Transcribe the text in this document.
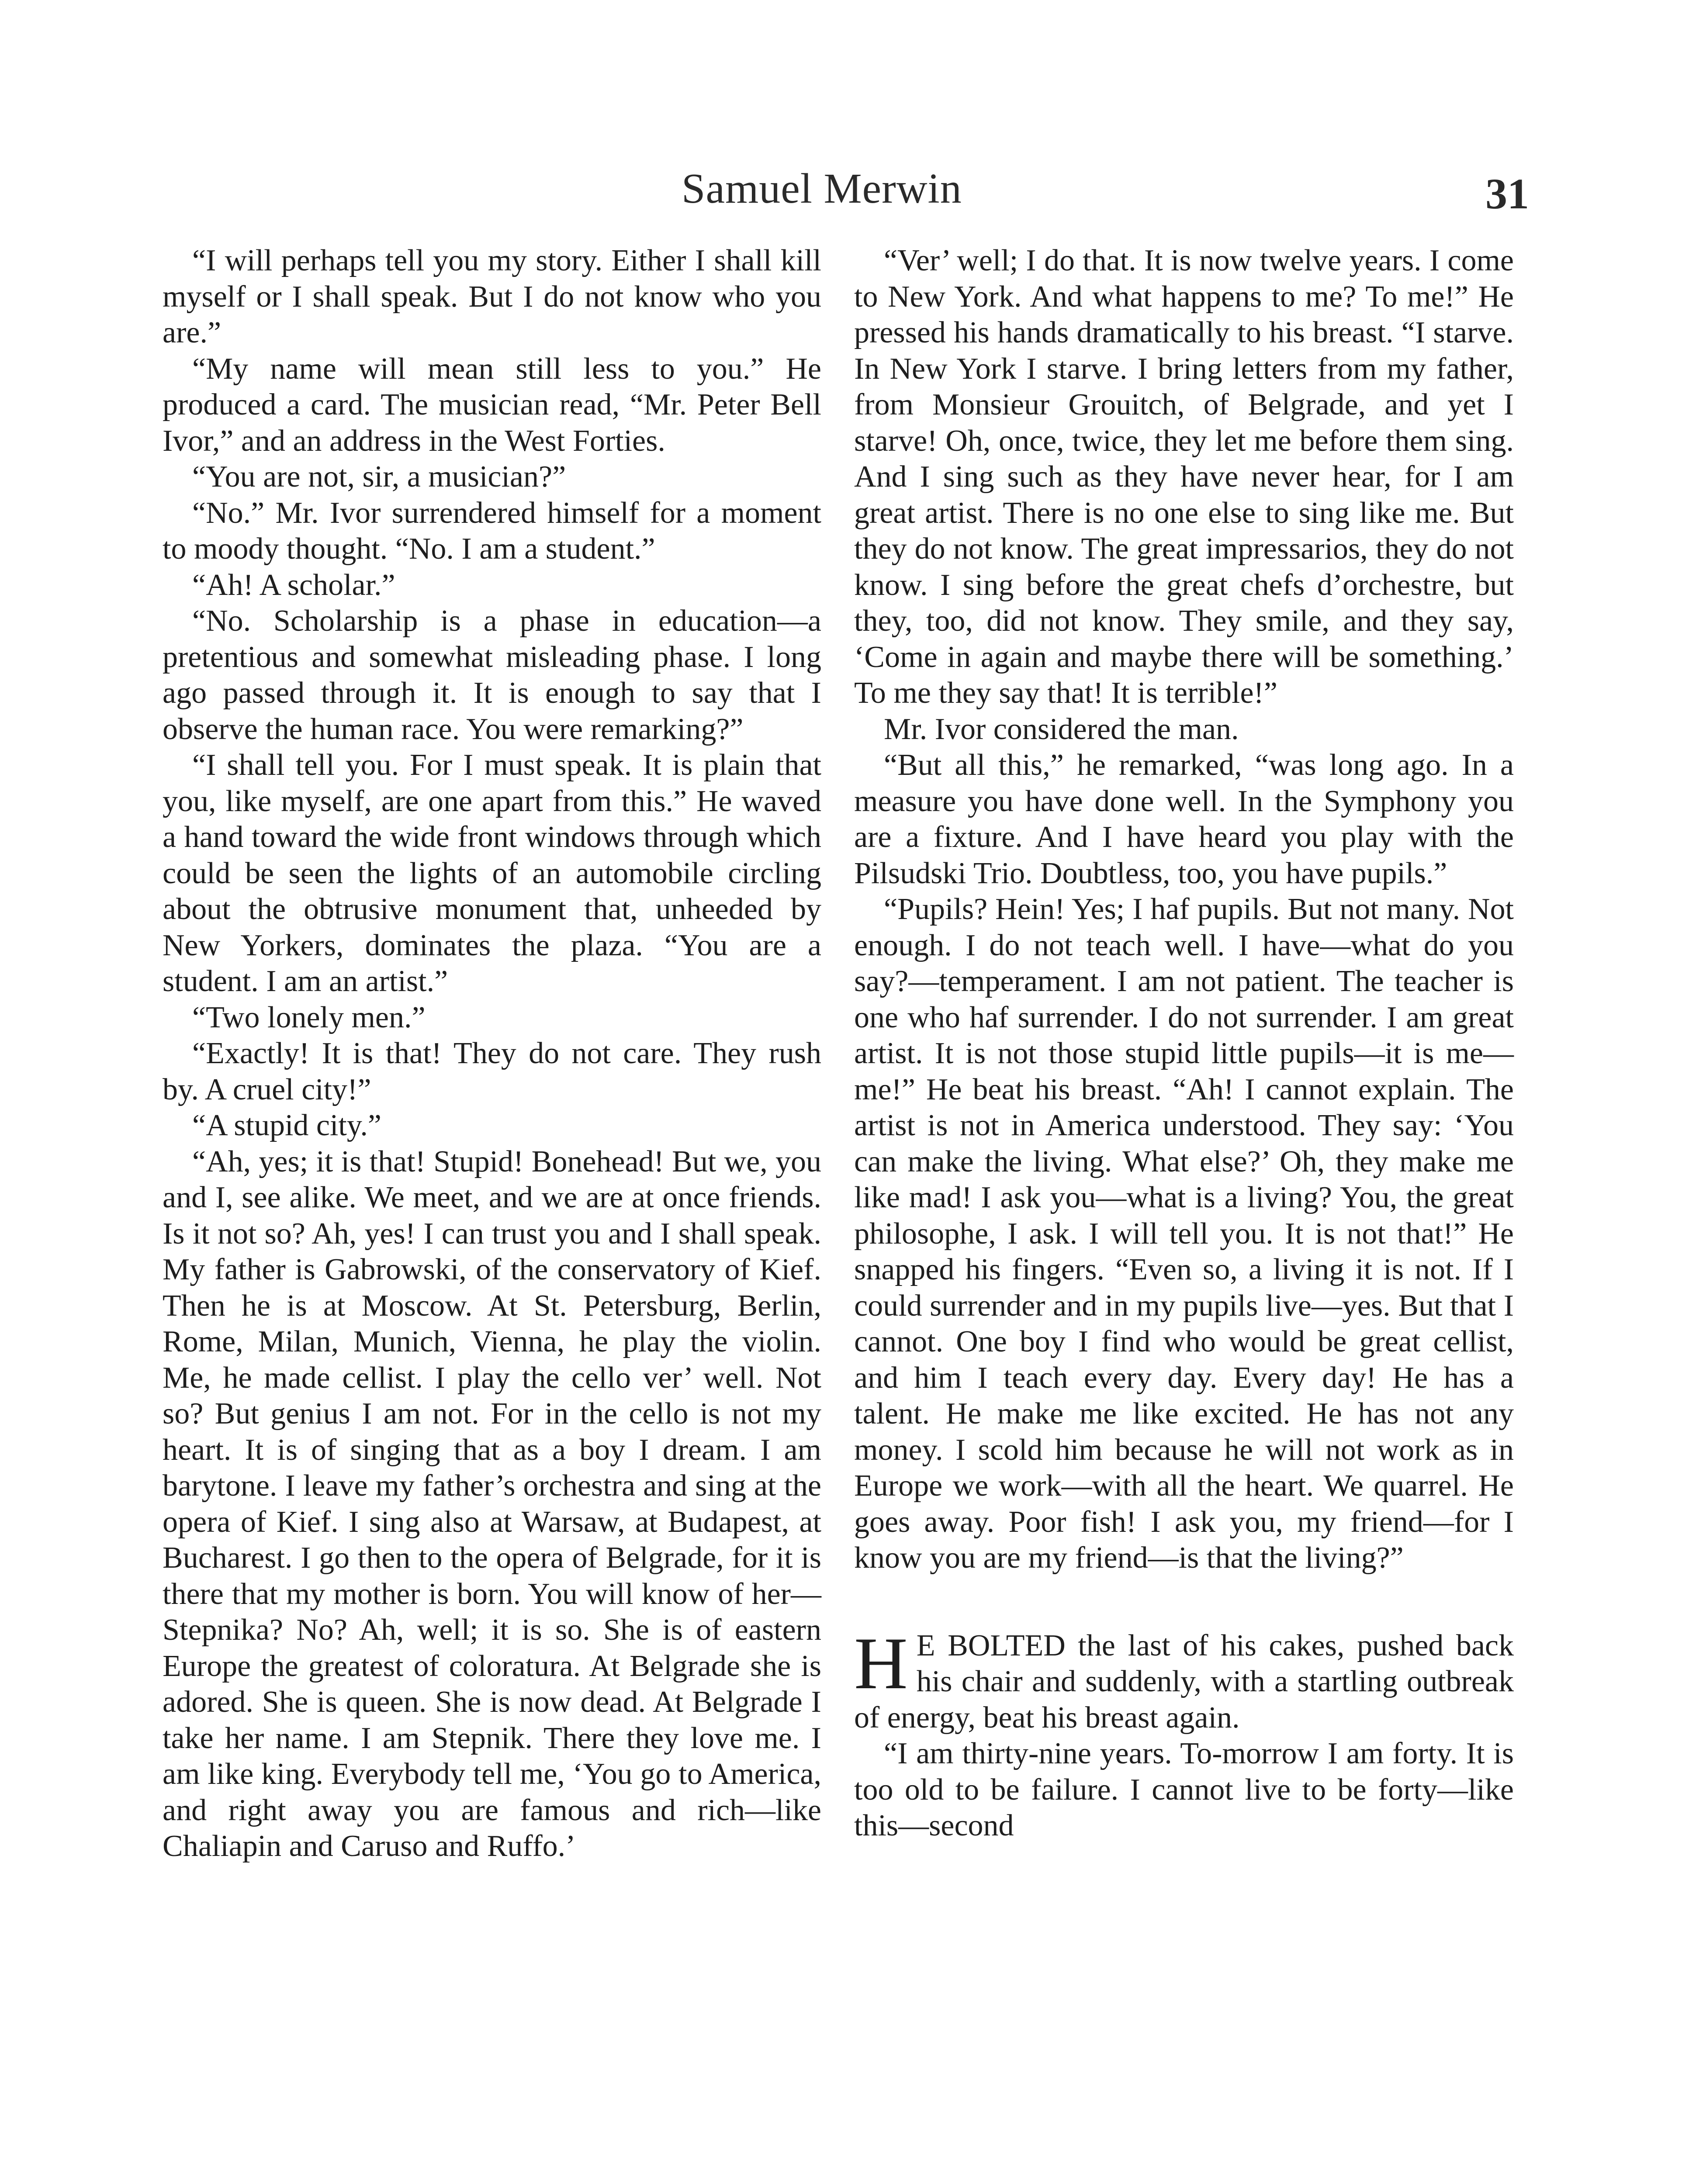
Samuel Merwin	31

“I will perhaps tell you my story. Either I shall kill myself or I shall speak. But I do not know who you are.”

“My name will mean still less to you.” He produced a card. The musician read, “Mr. Peter Bell Ivor,” and an address in the West Forties.

“You are not, sir, a musician?”

“No.” Mr. Ivor surrendered himself for a moment to moody thought. “No. I am a student.”

“Ah! A scholar.”

“No. Scholarship is a phase in education—a pretentious and somewhat misleading phase. I long ago passed through it. It is enough to say that I observe the human race. You were remarking?”

“I shall tell you. For I must speak. It is plain that you, like myself, are one apart from this.” He waved a hand toward the wide front windows through which could be seen the lights of an automobile circling about the obtrusive monument that, unheeded by New Yorkers, dominates the plaza. “You are a student. I am an artist.”

“Two lonely men.”

“Exactly! It is that! They do not care. They rush by. A cruel city!”

“A stupid city.”

“Ah, yes; it is that! Stupid! Bonehead! But we, you and I, see alike. We meet, and we are at once friends. Is it not so? Ah, yes! I can trust you and I shall speak. My father is Gabrowski, of the conservatory of Kief. Then he is at Moscow. At St. Petersburg, Berlin, Rome, Milan, Munich, Vienna, he play the violin. Me, he made cellist. I play the cello ver’ well. Not so? But genius I am not. For in the cello is not my heart. It is of singing that as a boy I dream. I am barytone. I leave my father’s orchestra and sing at the opera of Kief. I sing also at Warsaw, at Budapest, at Bucharest. I go then to the opera of Belgrade, for it is there that my mother is born. You will know of her—Stepnika? No? Ah, well; it is so. She is of eastern Europe the greatest of coloratura. At Belgrade she is adored. She is queen. She is now dead. At Belgrade I take her name. I am Stepnik. There they love me. I am like king. Everybody tell me, ‘You go to America, and right away you are famous and rich—like Chaliapin and Caruso and Ruffo.’

“Ver’ well; I do that. It is now twelve years. I come to New York. And what happens to me? To me!” He pressed his hands dramatically to his breast. “I starve. In New York I starve. I bring letters from my father, from Monsieur Grouitch, of Belgrade, and yet I starve! Oh, once, twice, they let me before them sing. And I sing such as they have never hear, for I am great artist. There is no one else to sing like me. But they do not know. The great impressarios, they do not know. I sing before the great chefs d’orchestre, but they, too, did not know. They smile, and they say, ‘Come in again and maybe there will be something.’ To me they say that! It is terrible!”

Mr. Ivor considered the man.

“But all this,” he remarked, “was long ago. In a measure you have done well. In the Symphony you are a fixture. And I have heard you play with the Pilsudski Trio. Doubtless, too, you have pupils.”

“Pupils? Hein! Yes; I haf pupils. But not many. Not enough. I do not teach well. I have—what do you say?—temperament. I am not patient. The teacher is one who haf surrender. I do not surrender. I am great artist. It is not those stupid little pupils—it is me—me!” He beat his breast. “Ah! I cannot explain. The artist is not in America understood. They say: ‘You can make the living. What else?’ Oh, they make me like mad! I ask you—what is a living? You, the great philosophe, I ask. I will tell you. It is not that!” He snapped his fingers. “Even so, a living it is not. If I could surrender and in my pupils live—yes. But that I cannot. One boy I find who would be great cellist, and him I teach every day. Every day! He has a talent. He make me like excited. He has not any money. I scold him because he will not work as in Europe we work—with all the heart. We quarrel. He goes away. Poor fish! I ask you, my friend—for I know you are my friend—is that the living?”

H E BOLTED the last of his cakes, pushed back his chair and suddenly, with a startling outbreak of energy, beat his breast again.

“I am thirty-nine years. To-morrow I am forty. It is too old to be failure. I cannot live to be forty—like this—second
